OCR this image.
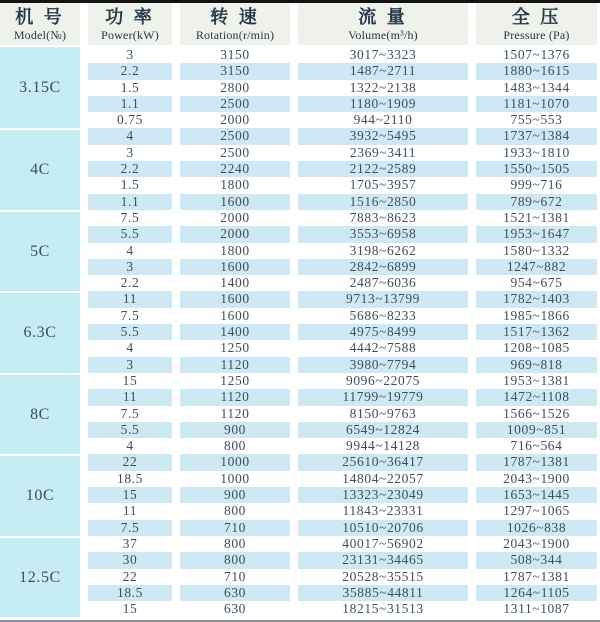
机 号
Model(№)
功 率
Power(kW)
转 速
Rotation(r/min)
流 量
Volume(m³/h)
全 压
Pressure (Pa)
3.15C
3	3150	3017~3323	1507~1376
2.2	3150	1487~2711	1880~1615
1.5	2800	1322~2138	1483~1344
1.1	2500	1180~1909	1181~1070
0.75	2000	944~2110	755~553
4C
4	2500	3932~5495	1737~1384
3	2500	2369~3411	1933~1810
2.2	2240	2122~2589	1550~1505
1.5	1800	1705~3957	999~716
1.1	1600	1516~2850	789~672
5C
7.5	2000	7883~8623	1521~1381
5.5	2000	3553~6958	1953~1647
4	1800	3198~6262	1580~1332
3	1600	2842~6899	1247~882
2.2	1400	2487~6036	954~675
6.3C
11	1600	9713~13799	1782~1403
7.5	1600	5686~8233	1985~1866
5.5	1400	4975~8499	1517~1362
4	1250	4442~7588	1208~1085
3	1120	3980~7794	969~818
8C
15	1250	9096~22075	1953~1381
11	1120	11799~19779	1472~1108
7.5	1120	8150~9763	1566~1526
5.5	900	6549~12824	1009~851
4	800	9944~14128	716~564
10C
22	1000	25610~36417	1787~1381
18.5	1000	14804~22057	2043~1900
15	900	13323~23049	1653~1445
11	800	11843~23331	1297~1065
7.5	710	10510~20706	1026~838
12.5C
37	800	40017~56902	2043~1900
30	800	23131~34465	508~344
22	710	20528~35515	1787~1381
18.5	630	35885~44811	1264~1105
15	630	18215~31513	1311~1087
